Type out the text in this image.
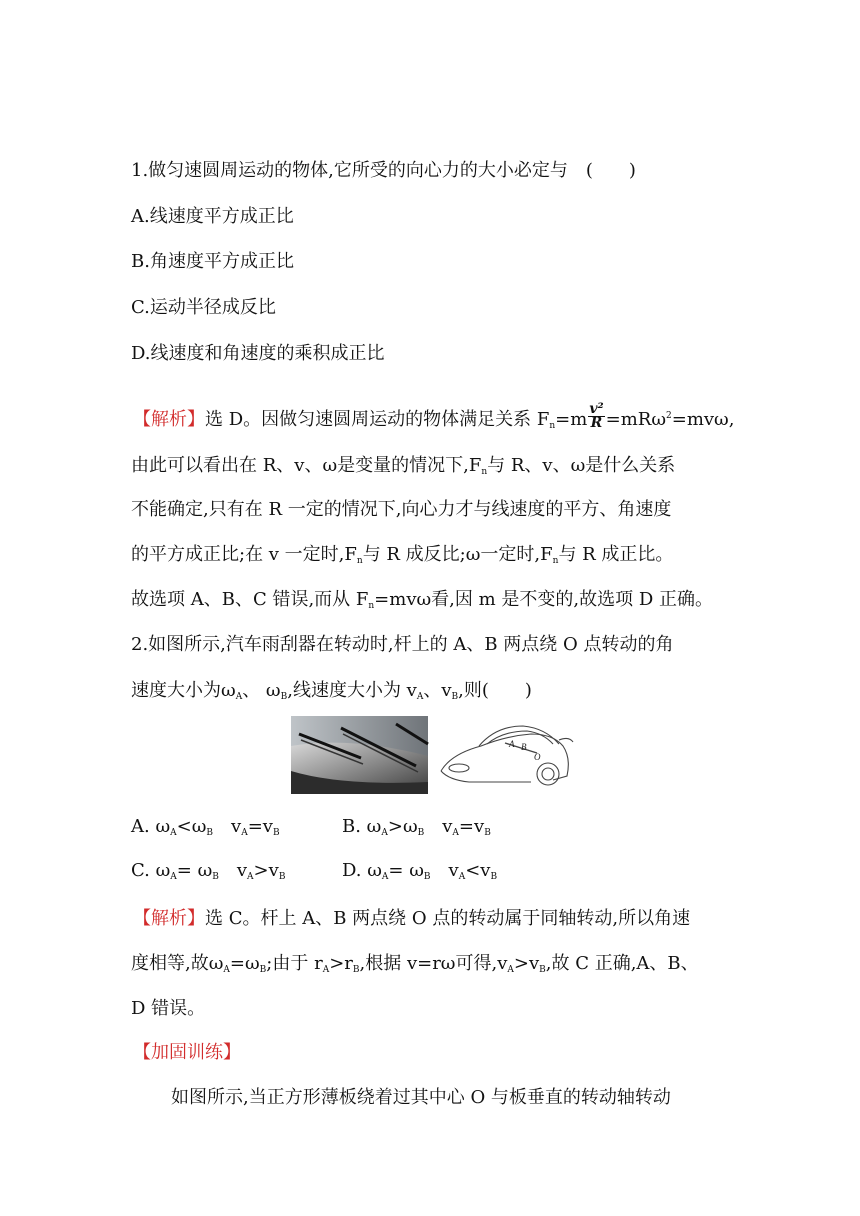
1.做匀速圆周运动的物体,它所受的向心力的大小必定与　(　　)
A.线速度平方成正比
B.角速度平方成正比
C.运动半径成反比
D.线速度和角速度的乘积成正比
【解析】选 D。因做匀速圆周运动的物体满足关系 $F_n=m \frac{\text{v²}}{R} =mR\omega^2=mv\omega$,
由此可以看出在 R、v、ω是变量的情况下$,F_n$与 R、v、ω是什么关系
不能确定,只有在 R 一定的情况下,向心力才与线速度的平方、角速度
的平方成正比;在 v 一定时$,F_n$与 R 成反比;ω一定时$,F_n$与 R 成正比。
故选项 A、B、C 错误,而从 $F_n=mv\omega$看,因 m 是不变的,故选项 D 正确。
2.如图所示,汽车雨刮器在转动时,杆上的 A、B 两点绕 O 点转动的角
速度大小为$\omega_A$、 $\omega_B$,线速度大小为 $v_A$、$v_B$,则(　　)
A B
O
A. $\omega_A<\omega_B$　$v_A=v_B$	B. $\omega_A>\omega_B$　$v_A=v_B$
C. $\omega_A= \omega_B$　$v_A>v_B$	D. $\omega_A= \omega_B$　$v_A<v_B$
【解析】选 C。杆上 A、B 两点绕 O 点的转动属于同轴转动,所以角速
度相等,故$\omega_A=\omega_B$;由于 $r_A>r_B$,根据 v=rω可得$,v_A>v_B$,故 C 正确,A、B、
D 错误。
【加固训练】
如图所示,当正方形薄板绕着过其中心 O 与板垂直的转动轴转动
